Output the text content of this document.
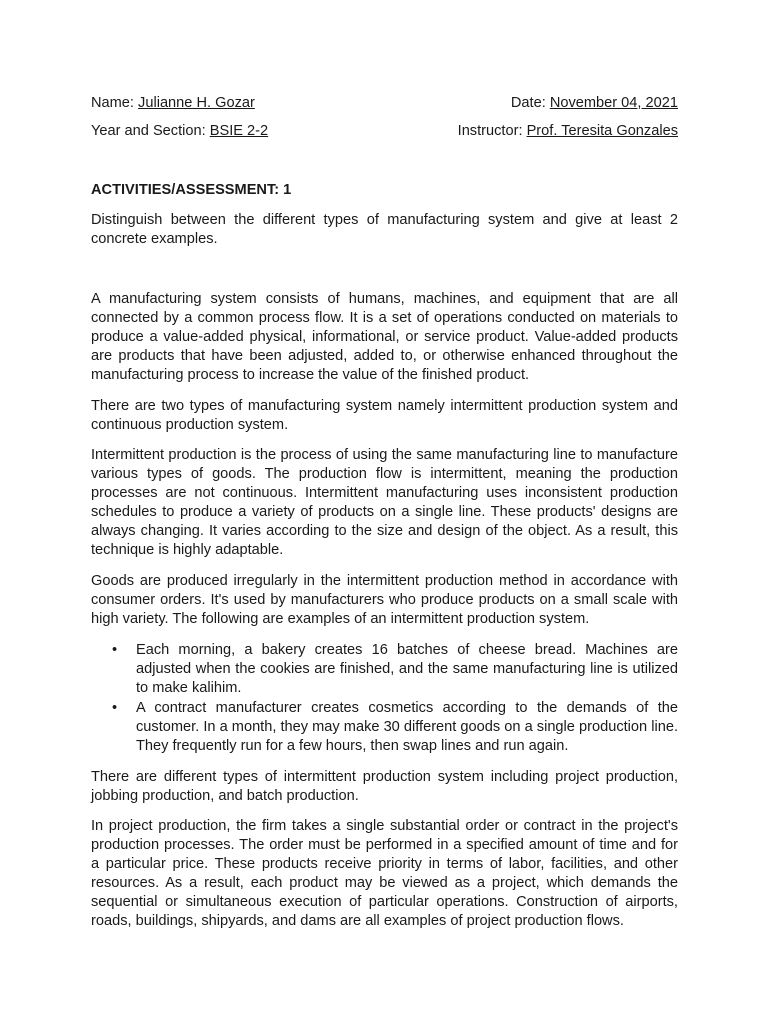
Name: Julianne H. Gozar	Date: November 04, 2021
Year and Section: BSIE 2-2	Instructor: Prof. Teresita Gonzales
ACTIVITIES/ASSESSMENT: 1
Distinguish between the different types of manufacturing system and give at least 2 concrete examples.
A manufacturing system consists of humans, machines, and equipment that are all connected by a common process flow. It is a set of operations conducted on materials to produce a value-added physical, informational, or service product. Value-added products are products that have been adjusted, added to, or otherwise enhanced throughout the manufacturing process to increase the value of the finished product.
There are two types of manufacturing system namely intermittent production system and continuous production system.
Intermittent production is the process of using the same manufacturing line to manufacture various types of goods. The production flow is intermittent, meaning the production processes are not continuous. Intermittent manufacturing uses inconsistent production schedules to produce a variety of products on a single line. These products' designs are always changing. It varies according to the size and design of the object. As a result, this technique is highly adaptable.
Goods are produced irregularly in the intermittent production method in accordance with consumer orders. It's used by manufacturers who produce products on a small scale with high variety. The following are examples of an intermittent production system.
• Each morning, a bakery creates 16 batches of cheese bread. Machines are adjusted when the cookies are finished, and the same manufacturing line is utilized to make kalihim.
• A contract manufacturer creates cosmetics according to the demands of the customer. In a month, they may make 30 different goods on a single production line. They frequently run for a few hours, then swap lines and run again.
There are different types of intermittent production system including project production, jobbing production, and batch production.
In project production, the firm takes a single substantial order or contract in the project's production processes. The order must be performed in a specified amount of time and for a particular price. These products receive priority in terms of labor, facilities, and other resources. As a result, each product may be viewed as a project, which demands the sequential or simultaneous execution of particular operations. Construction of airports, roads, buildings, shipyards, and dams are all examples of project production flows.
